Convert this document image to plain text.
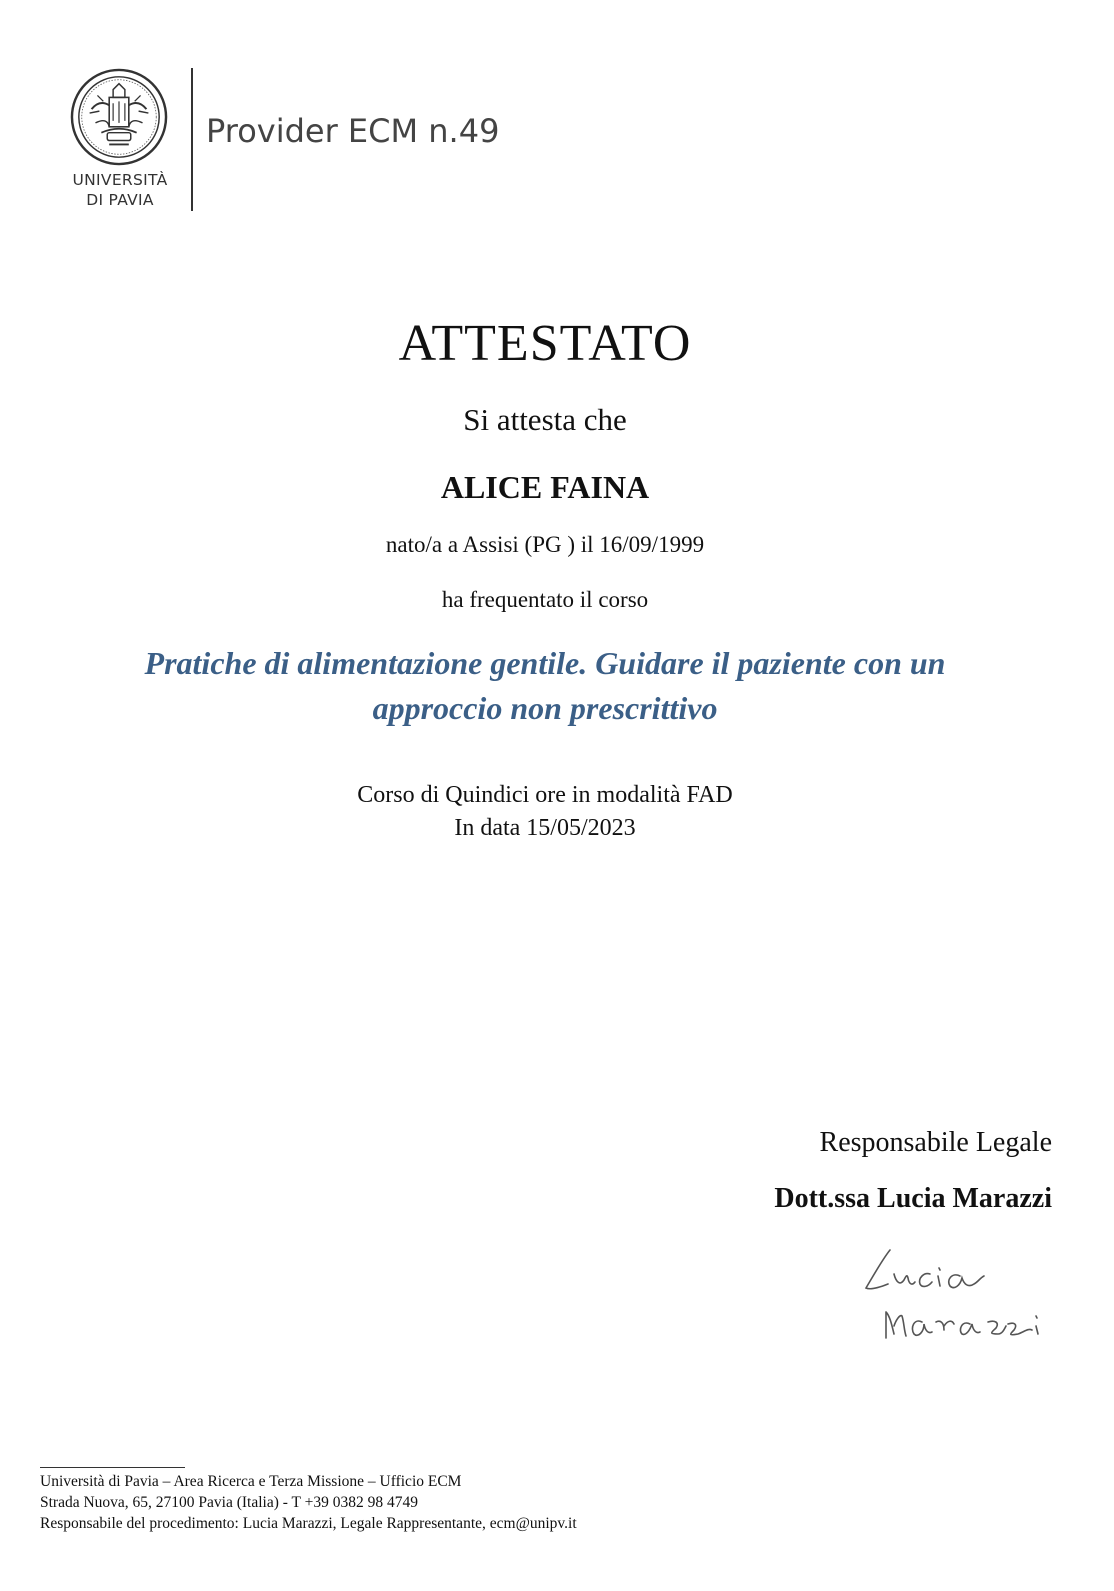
UNIVERSITÀ
DI PAVIA
Provider ECM n.49
ATTESTATO
Si attesta che
ALICE FAINA
nato/a a Assisi (PG ) il 16/09/1999
ha frequentato il corso
Pratiche di alimentazione gentile. Guidare il paziente con un
approccio non prescrittivo
Corso di Quindici ore in modalità FAD
In data 15/05/2023
Responsabile Legale
Dott.ssa Lucia Marazzi
Università di Pavia – Area Ricerca e Terza Missione – Ufficio ECM
Strada Nuova, 65, 27100 Pavia (Italia) - T +39 0382 98 4749
Responsabile del procedimento: Lucia Marazzi, Legale Rappresentante, ecm@unipv.it
